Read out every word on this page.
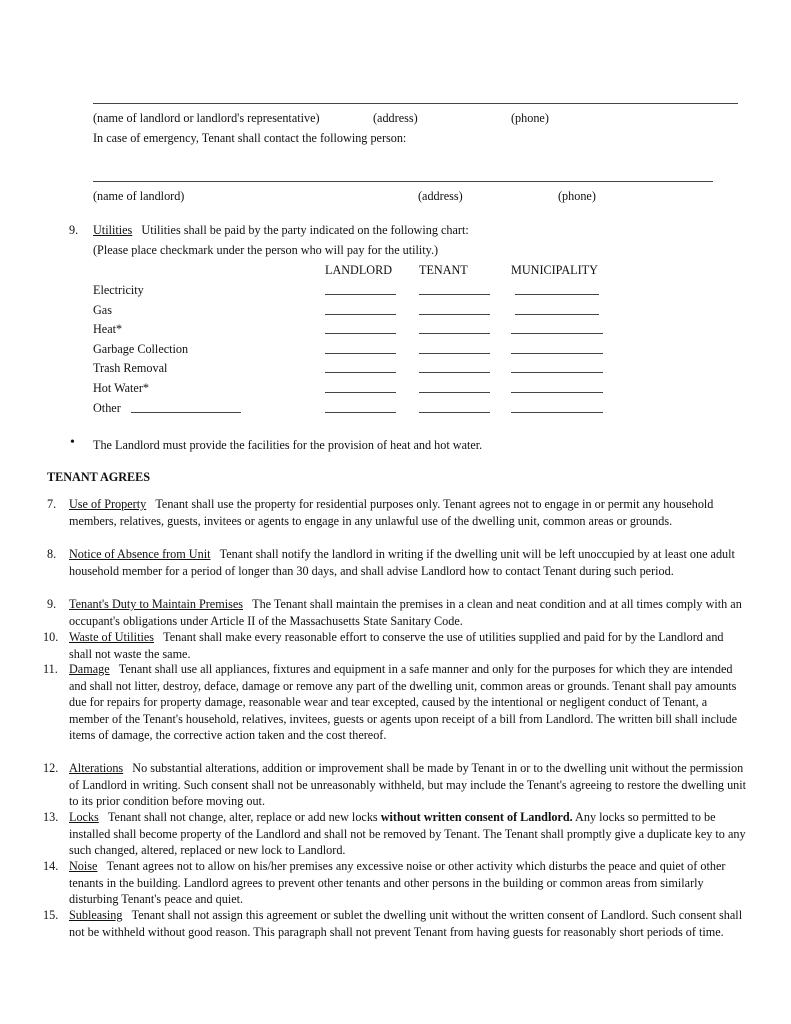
(name of landlord or landlord's representative)	(address)	(phone)
In case of emergency, Tenant shall contact the following person:
(name of landlord)	(address)	(phone)
9. Utilities Utilities shall be paid by the party indicated on the following chart:
(Please place checkmark under the person who will pay for the utility.)
LANDLORD TENANT	MUNICIPALITY
Electricity
Gas
Heat*
Garbage Collection
Trash Removal
Hot Water*
Other
• The Landlord must provide the facilities for the provision of heat and hot water.
TENANT AGREES
7. Use of Property Tenant shall use the property for residential purposes only. Tenant agrees not to engage in or permit any household members, relatives, guests, invitees or agents to engage in any unlawful use of the dwelling unit, common areas or grounds.
8. Notice of Absence from Unit Tenant shall notify the landlord in writing if the dwelling unit will be left unoccupied by at least one adult household member for a period of longer than 30 days, and shall advise Landlord how to contact Tenant during such period.
9. Tenant's Duty to Maintain Premises The Tenant shall maintain the premises in a clean and neat condition and at all times comply with an occupant's obligations under Article II of the Massachusetts State Sanitary Code.
10. Waste of Utilities Tenant shall make every reasonable effort to conserve the use of utilities supplied and paid for by the Landlord and shall not waste the same.
11. Damage Tenant shall use all appliances, fixtures and equipment in a safe manner and only for the purposes for which they are intended and shall not litter, destroy, deface, damage or remove any part of the dwelling unit, common areas or grounds. Tenant shall pay amounts due for repairs for property damage, reasonable wear and tear excepted, caused by the intentional or negligent conduct of Tenant, a member of the Tenant's household, relatives, invitees, guests or agents upon receipt of a bill from Landlord. The written bill shall include items of damage, the corrective action taken and the cost thereof.
12. Alterations No substantial alterations, addition or improvement shall be made by Tenant in or to the dwelling unit without the permission of Landlord in writing. Such consent shall not be unreasonably withheld, but may include the Tenant's agreeing to restore the dwelling unit to its prior condition before moving out.
13. Locks Tenant shall not change, alter, replace or add new locks without written consent of Landlord. Any locks so permitted to be installed shall become property of the Landlord and shall not be removed by Tenant. The Tenant shall promptly give a duplicate key to any such changed, altered, replaced or new lock to Landlord.
14. Noise Tenant agrees not to allow on his/her premises any excessive noise or other activity which disturbs the peace and quiet of other tenants in the building. Landlord agrees to prevent other tenants and other persons in the building or common areas from similarly disturbing Tenant's peace and quiet.
15. Subleasing Tenant shall not assign this agreement or sublet the dwelling unit without the written consent of Landlord. Such consent shall not be withheld without good reason. This paragraph shall not prevent Tenant from having guests for reasonably short periods of time.
